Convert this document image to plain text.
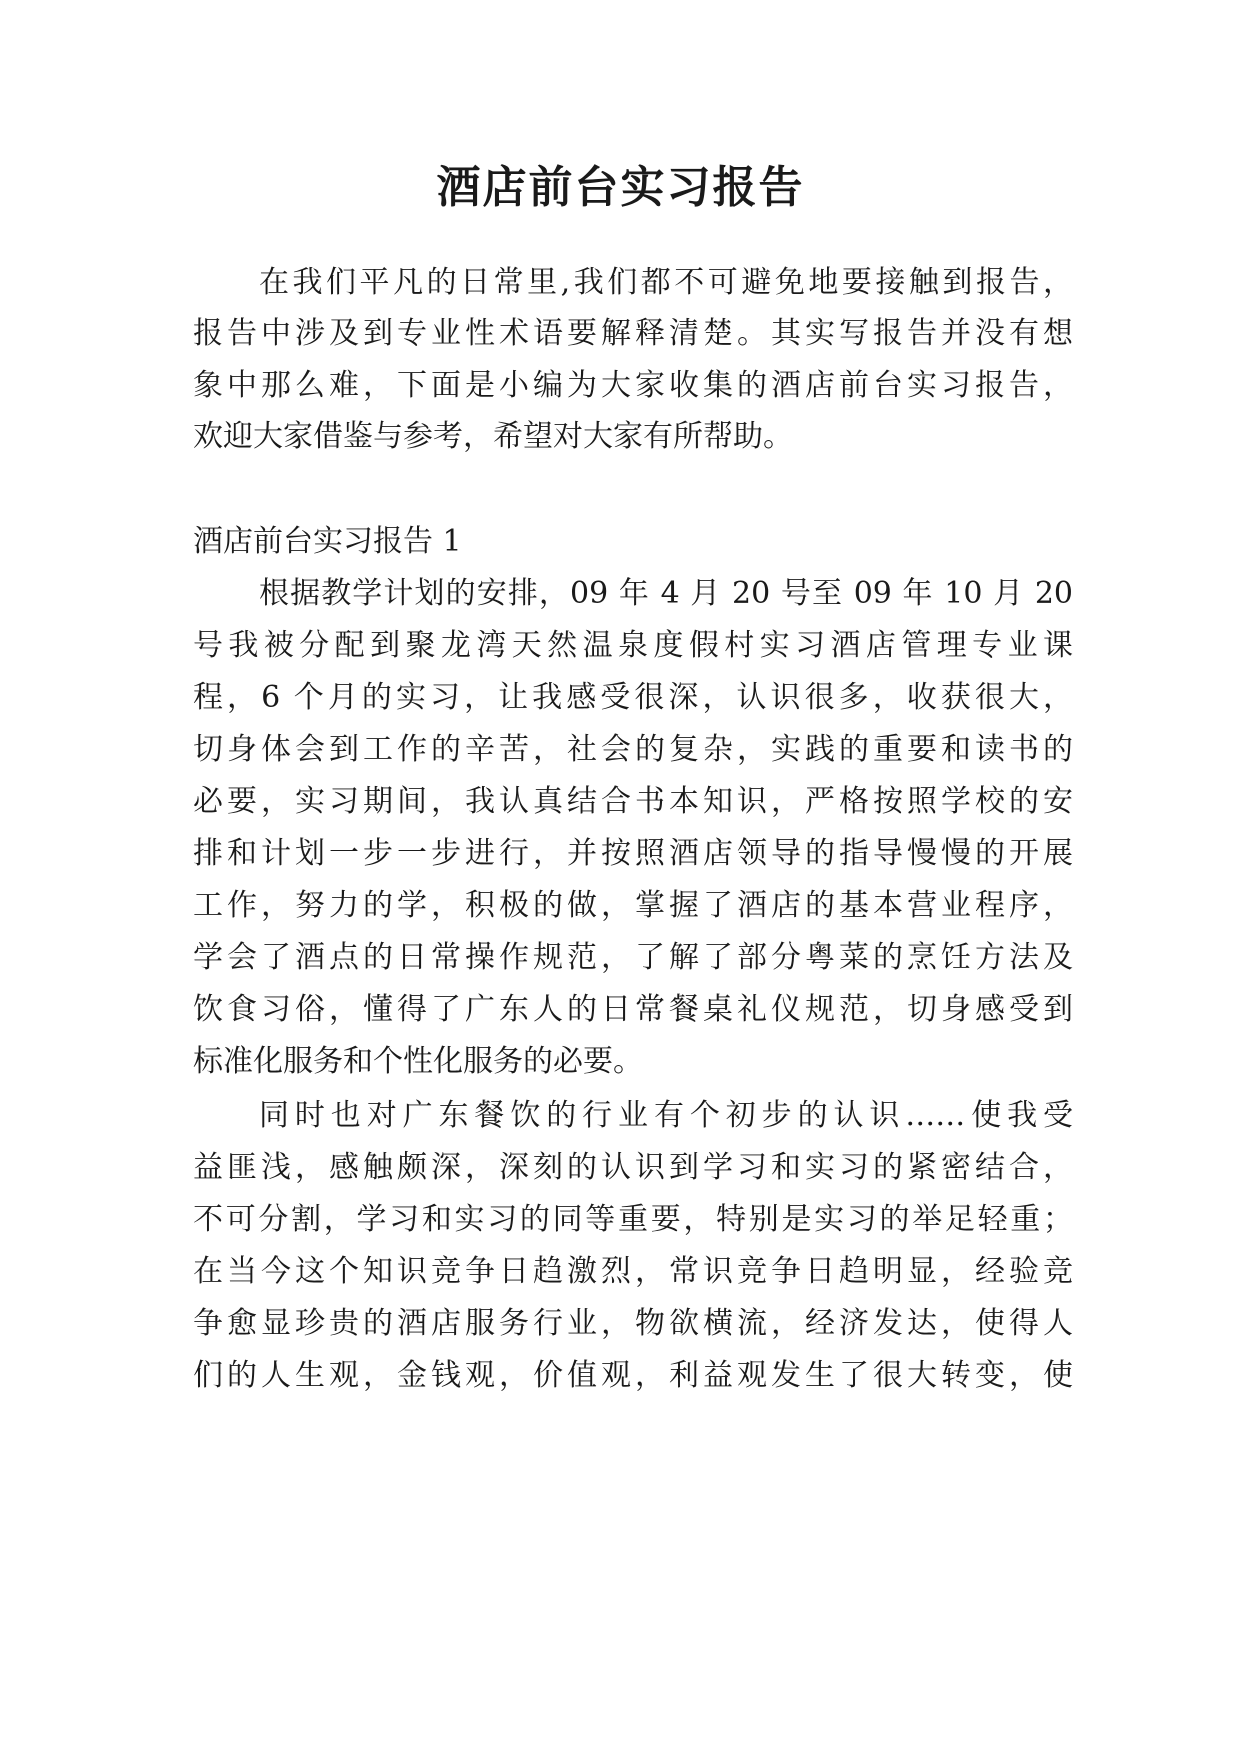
酒店前台实习报告

在我们平凡的日常里,我们都不可避免地要接触到报告，

报告中涉及到专业性术语要解释清楚。其实写报告并没有想

象中那么难，下面是小编为大家收集的酒店前台实习报告，

欢迎大家借鉴与参考，希望对大家有所帮助。

酒店前台实习报告 1

根据教学计划的安排，09 年 4 月 20 号至 09 年 10 月 20

号我被分配到聚龙湾天然温泉度假村实习酒店管理专业课

程，6 个月的实习，让我感受很深，认识很多，收获很大，

切身体会到工作的辛苦，社会的复杂，实践的重要和读书的

必要，实习期间，我认真结合书本知识，严格按照学校的安

排和计划一步一步进行，并按照酒店领导的指导慢慢的开展

工作，努力的学，积极的做，掌握了酒店的基本营业程序，

学会了酒点的日常操作规范，了解了部分粤菜的烹饪方法及

饮食习俗，懂得了广东人的日常餐桌礼仪规范，切身感受到

标准化服务和个性化服务的必要。

同时也对广东餐饮的行业有个初步的认识……使我受

益匪浅，感触颇深，深刻的认识到学习和实习的紧密结合，

不可分割，学习和实习的同等重要，特别是实习的举足轻重；

在当今这个知识竞争日趋激烈，常识竞争日趋明显，经验竞

争愈显珍贵的酒店服务行业，物欲横流，经济发达，使得人

们的人生观，金钱观，价值观，利益观发生了很大转变，使
